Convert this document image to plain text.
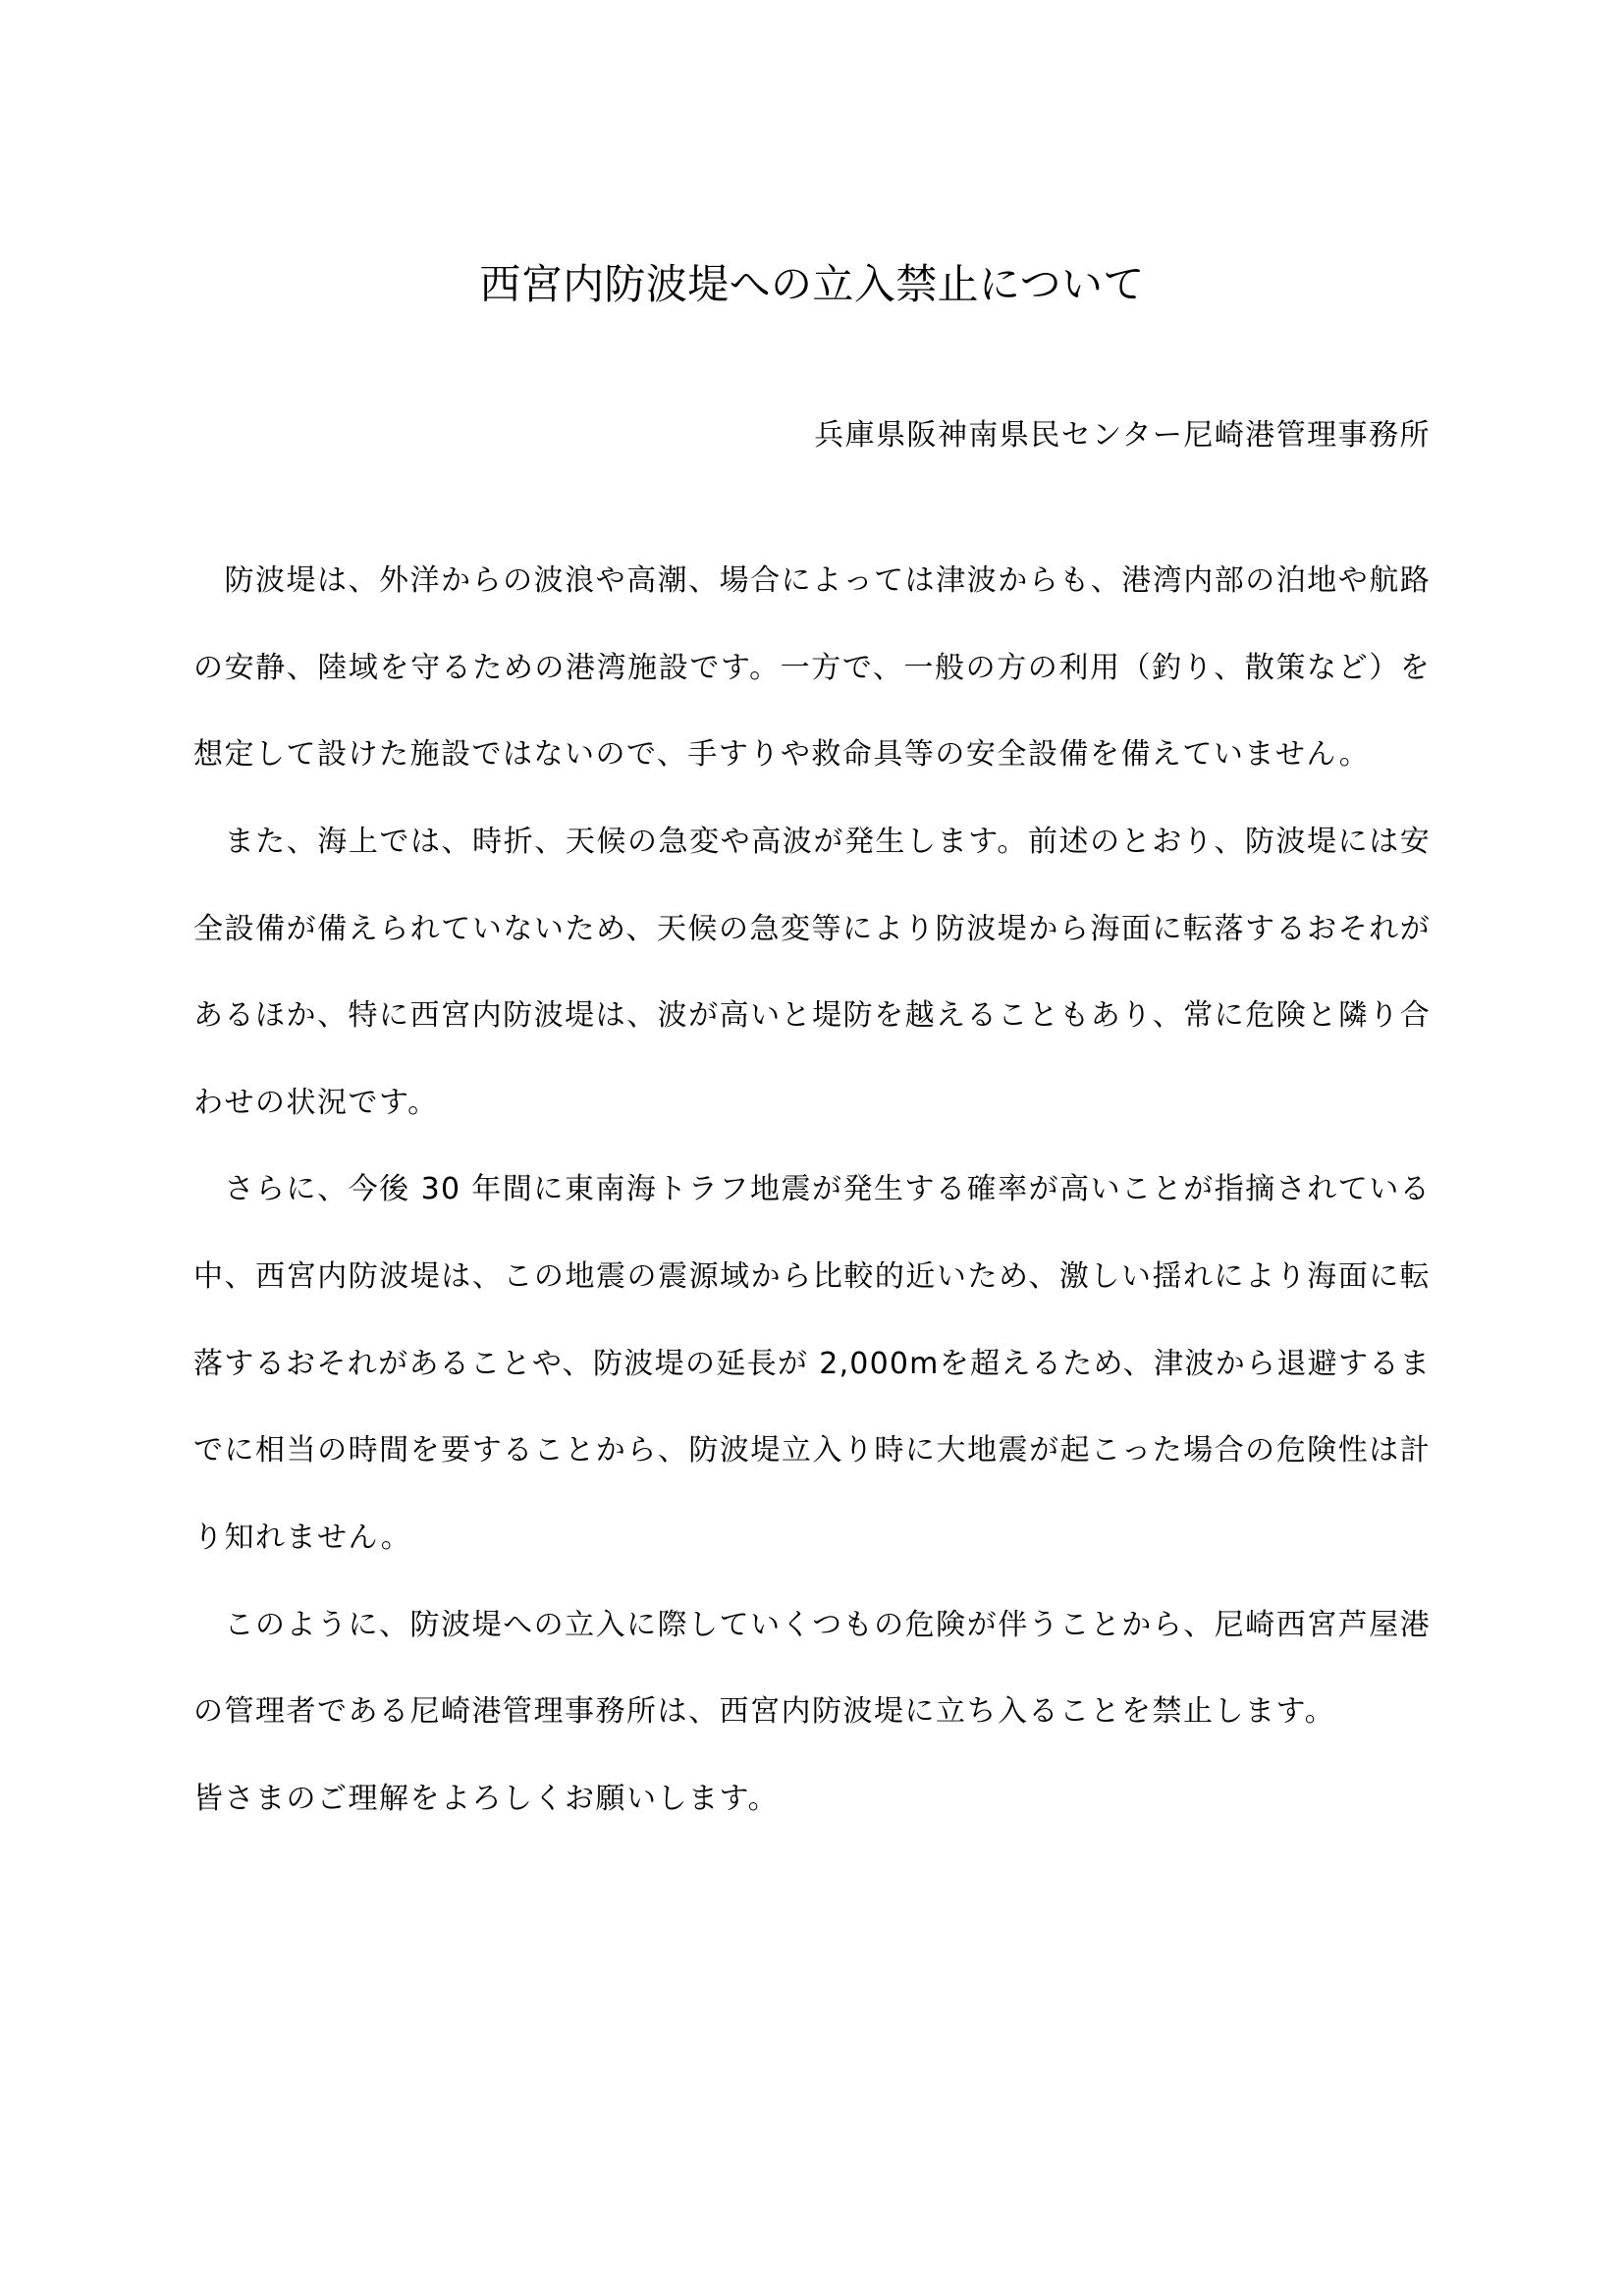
西宮内防波堤への立入禁止について
兵庫県阪神南県民センター尼崎港管理事務所
　防波堤は、外洋からの波浪や高潮、場合によっては津波からも、港湾内部の泊地や航路
の安静、陸域を守るための港湾施設です。一方で、一般の方の利用（釣り、散策など）を
想定して設けた施設ではないので、手すりや救命具等の安全設備を備えていません。
　また、海上では、時折、天候の急変や高波が発生します。前述のとおり、防波堤には安
全設備が備えられていないため、天候の急変等により防波堤から海面に転落するおそれが
あるほか、特に西宮内防波堤は、波が高いと堤防を越えることもあり、常に危険と隣り合
わせの状況です。
　さらに、今後 30 年間に東南海トラフ地震が発生する確率が高いことが指摘されている
中、西宮内防波堤は、この地震の震源域から比較的近いため、激しい揺れにより海面に転
落するおそれがあることや、防波堤の延長が 2,000mを超えるため、津波から退避するま
でに相当の時間を要することから、防波堤立入り時に大地震が起こった場合の危険性は計
り知れません。
　このように、防波堤への立入に際していくつもの危険が伴うことから、尼崎西宮芦屋港
の管理者である尼崎港管理事務所は、西宮内防波堤に立ち入ることを禁止します。
皆さまのご理解をよろしくお願いします。
